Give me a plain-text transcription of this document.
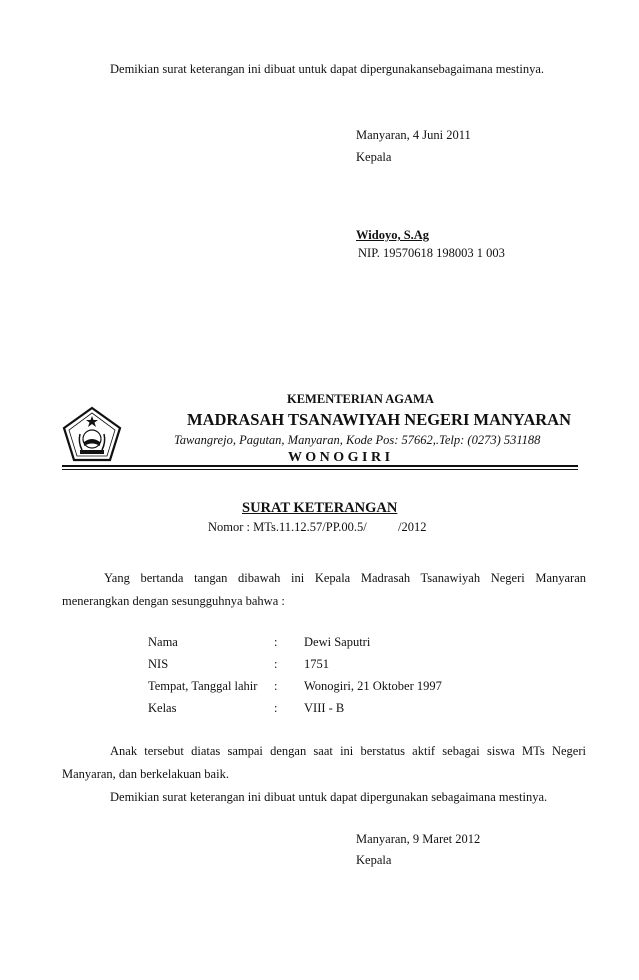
Demikian surat keterangan ini dibuat untuk dapat dipergunakansebagaimana mestinya.
Manyaran, 4 Juni 2011
Kepala
Widoyo, S.Ag
NIP. 19570618 198003 1 003
KEMENTERIAN AGAMA
MADRASAH TSANAWIYAH NEGERI MANYARAN
Tawangrejo, Pagutan, Manyaran, Kode Pos: 57662,.Telp: (0273) 531188
W O N O G I R I
SURAT KETERANGAN
Nomor : MTs.11.12.57/PP.00.5/          /2012
Yang bertanda tangan dibawah ini Kepala Madrasah Tsanawiyah Negeri Manyaran
menerangkan dengan sesungguhnya bahwa :
Nama	: Dewi Saputri
NIS	: 1751
Tempat, Tanggal lahir : Wonogiri, 21 Oktober 1997
Kelas	: VIII - B
Anak tersebut diatas sampai dengan saat ini berstatus aktif sebagai siswa MTs Negeri
Manyaran, dan berkelakuan baik.
Demikian surat keterangan ini dibuat untuk dapat dipergunakan sebagaimana mestinya.
Manyaran, 9 Maret 2012
Kepala
